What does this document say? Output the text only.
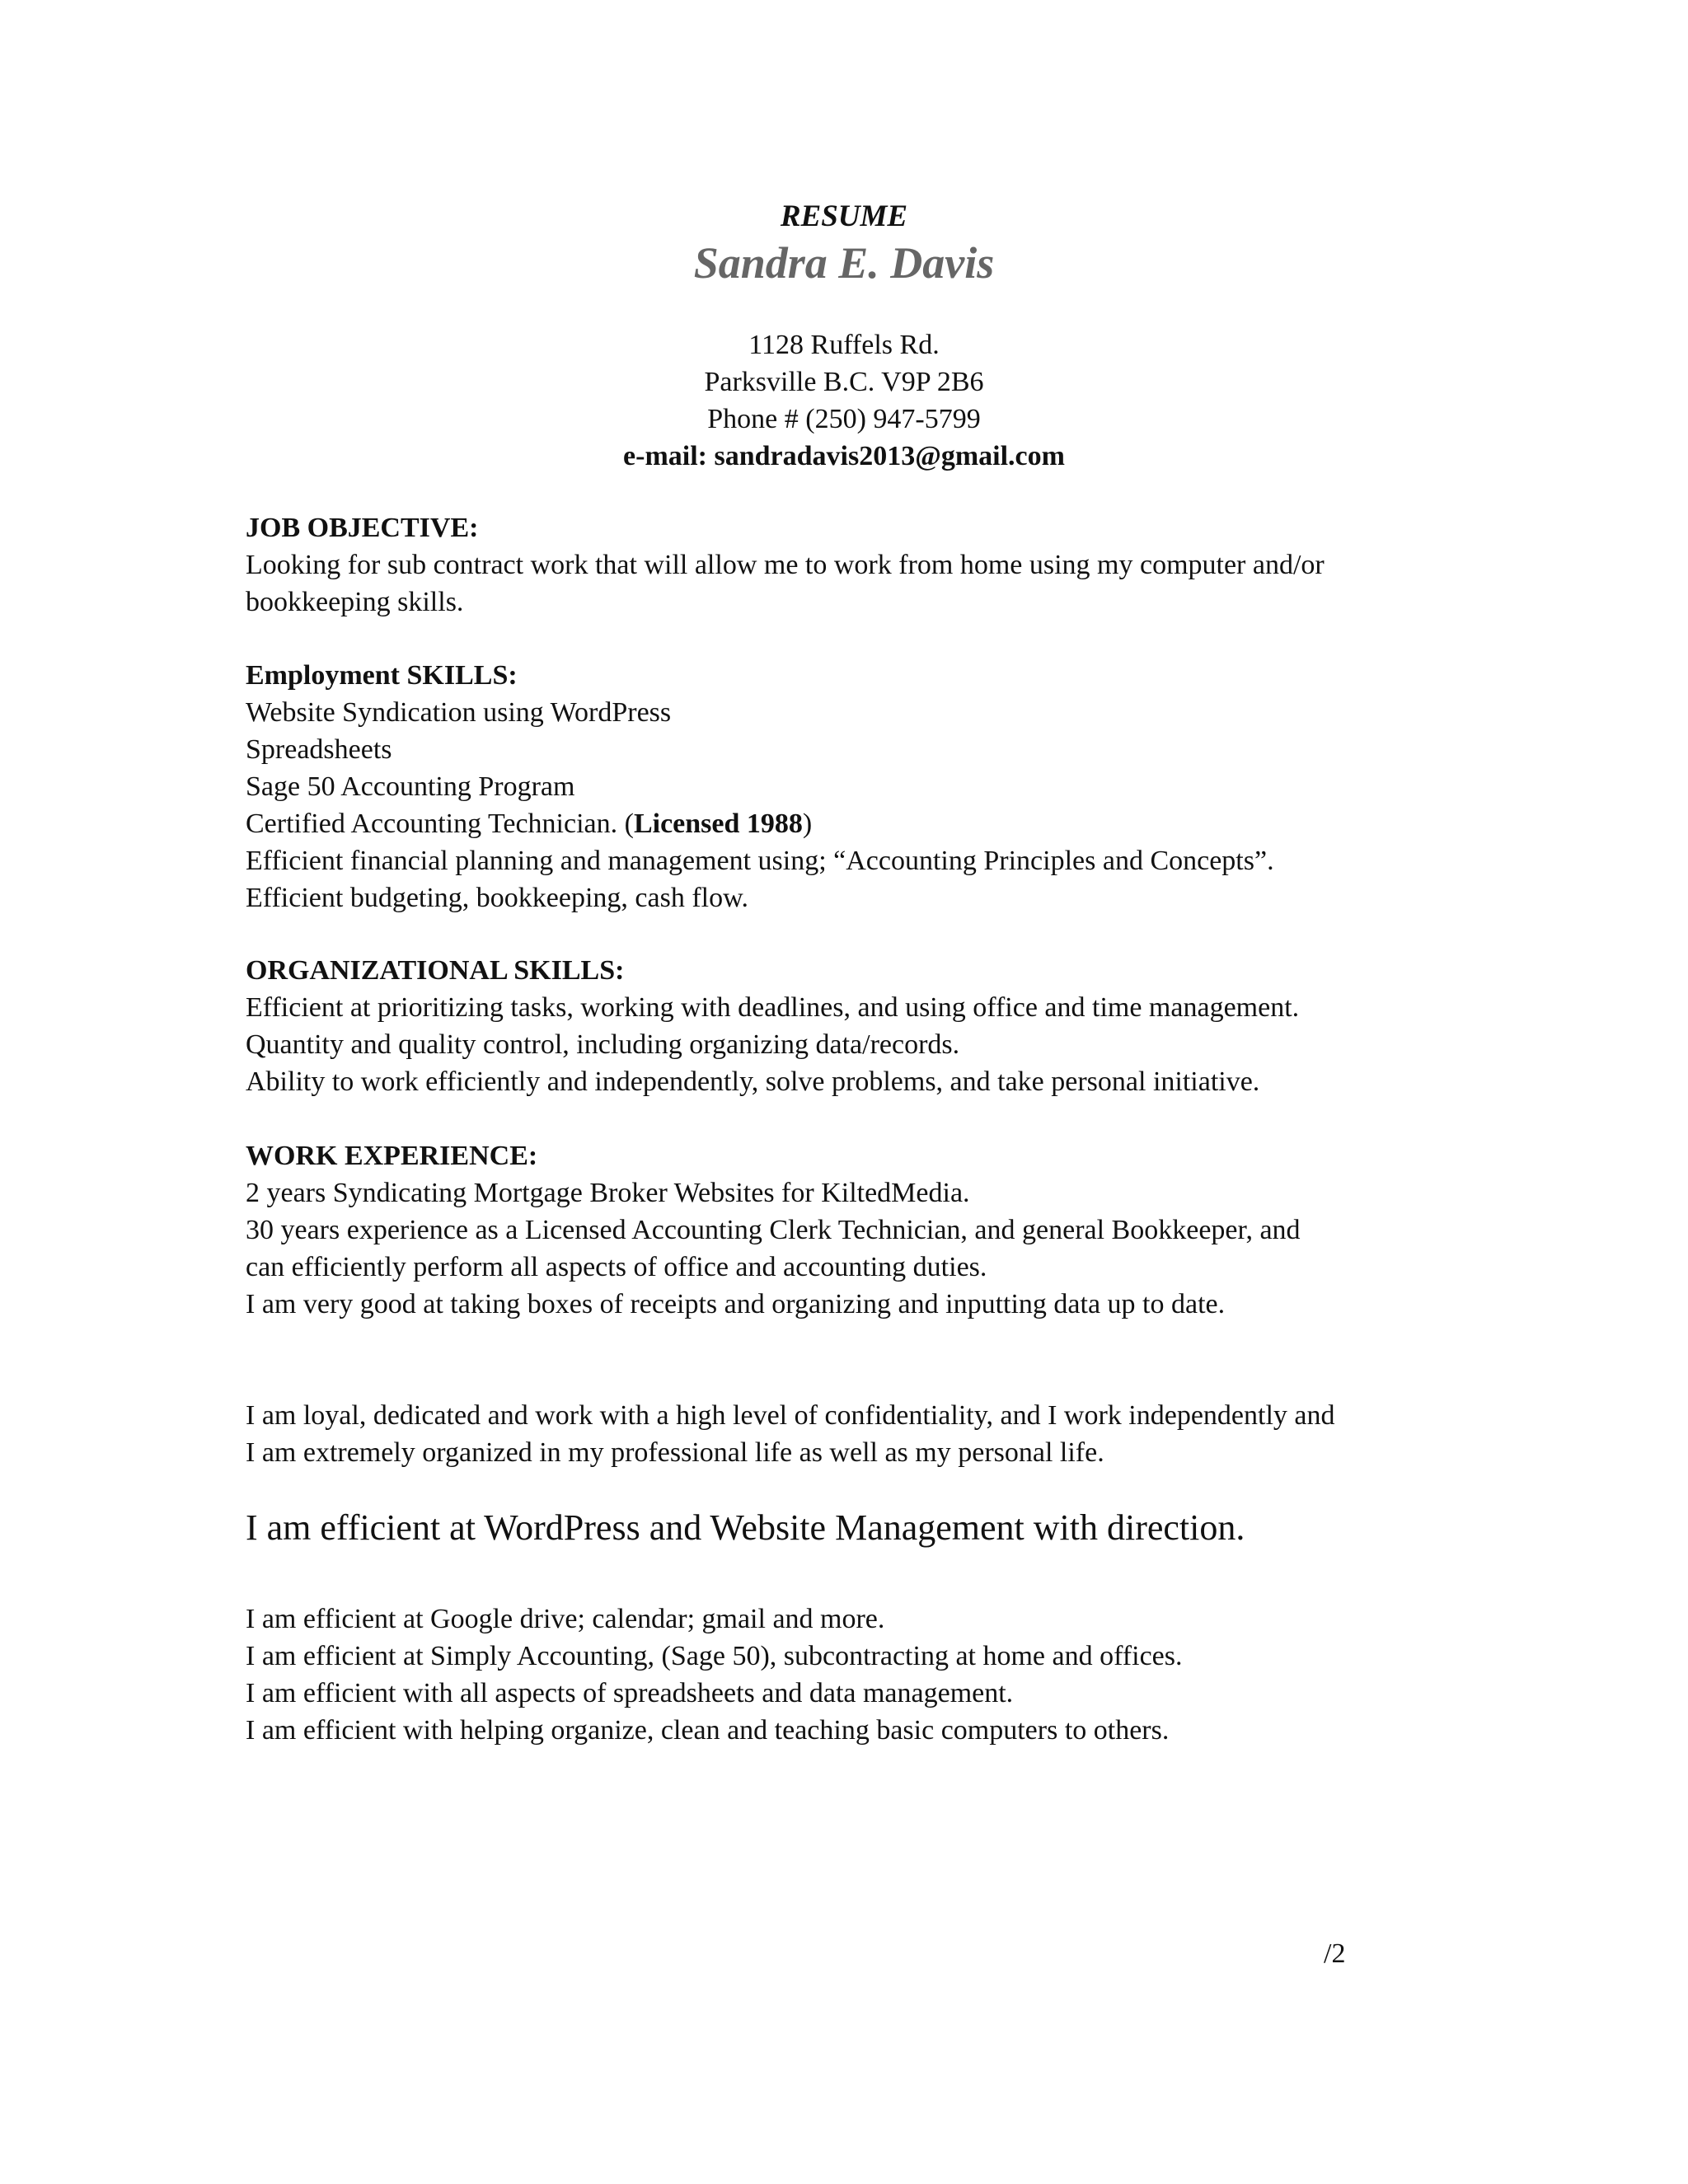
RESUME
Sandra E. Davis
1128 Ruffels Rd.
Parksville B.C. V9P 2B6
Phone # (250) 947-5799
e-mail: sandradavis2013@gmail.com
JOB OBJECTIVE:
Looking for sub contract work that will allow me to work from home using my computer and/or
bookkeeping skills.
Employment SKILLS:
Website Syndication using WordPress
Spreadsheets
Sage 50 Accounting Program
Certified Accounting Technician. (Licensed 1988)
Efficient financial planning and management using; “Accounting Principles and Concepts”.
Efficient budgeting, bookkeeping, cash flow.
ORGANIZATIONAL SKILLS:
Efficient at prioritizing tasks, working with deadlines, and using office and time management.
Quantity and quality control, including organizing data/records.
Ability to work efficiently and independently, solve problems, and take personal initiative.
WORK EXPERIENCE:
2 years Syndicating Mortgage Broker Websites for KiltedMedia.
30 years experience as a Licensed Accounting Clerk Technician, and general Bookkeeper, and
can efficiently perform all aspects of office and accounting duties.
I am very good at taking boxes of receipts and organizing and inputting data up to date.
I am loyal, dedicated and work with a high level of confidentiality, and I work independently and
I am extremely organized in my professional life as well as my personal life.
I am efficient at WordPress and Website Management with direction.
I am efficient at Google drive; calendar; gmail and more.
I am efficient at Simply Accounting, (Sage 50), subcontracting at home and offices.
I am efficient with all aspects of spreadsheets and data management.
I am efficient with helping organize, clean and teaching basic computers to others.
/2
